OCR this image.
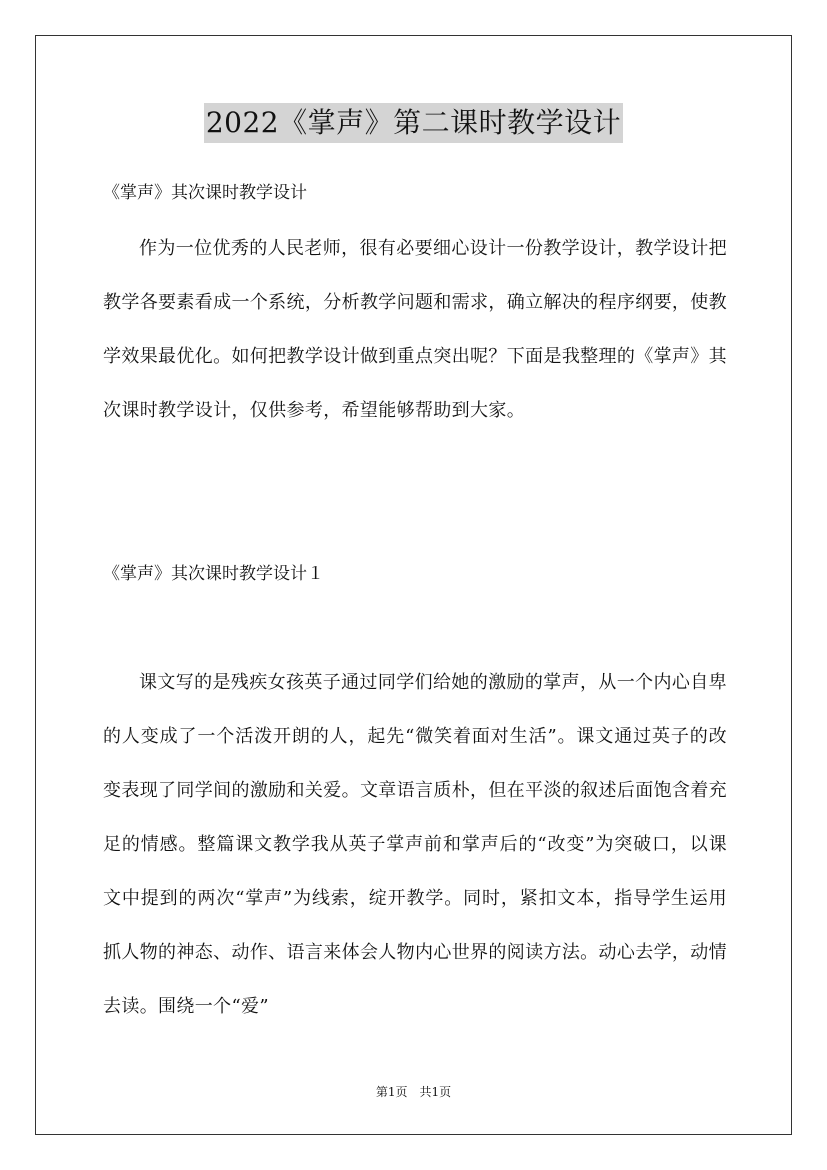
2022《掌声》第二课时教学设计

《掌声》其次课时教学设计

作为一位优秀的人民老师，很有必要细心设计一份教学设计，教学设计把教学各要素看成一个系统，分析教学问题和需求，确立解决的程序纲要，使教学效果最优化。如何把教学设计做到重点突出呢？下面是我整理的《掌声》其次课时教学设计，仅供参考，希望能够帮助到大家。

《掌声》其次课时教学设计１

课文写的是残疾女孩英子通过同学们给她的激励的掌声，从一个内心自卑的人变成了一个活泼开朗的人，起先“微笑着面对生活”。课文通过英子的改变表现了同学间的激励和关爱。文章语言质朴，但在平淡的叙述后面饱含着充足的情感。整篇课文教学我从英子掌声前和掌声后的“改变”为突破口，以课文中提到的两次“掌声”为线索，绽开教学。同时，紧扣文本，指导学生运用抓人物的神态、动作、语言来体会人物内心世界的阅读方法。动心去学，动情去读。围绕一个“爱”

第1页　共1页
